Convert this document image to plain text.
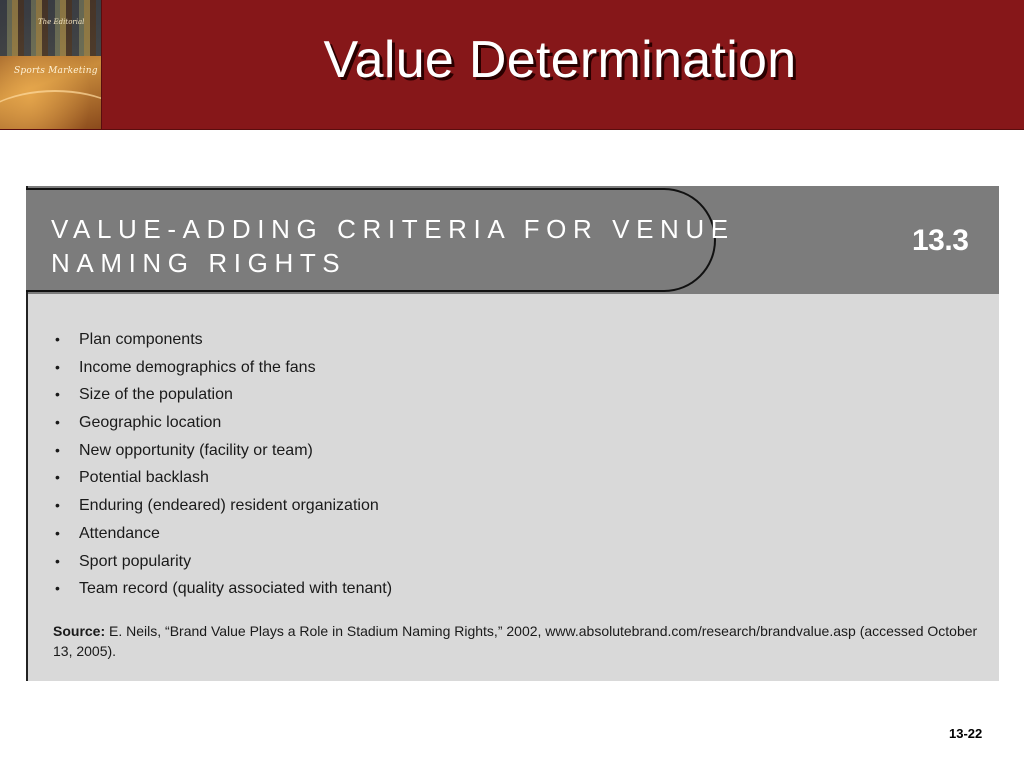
The Editorial
Sports Marketing	Value Determination
VALUE-ADDING CRITERIA FOR VENUE
NAMING RIGHTS
13.3
• Plan components
• Income demographics of the fans
• Size of the population
• Geographic location
• New opportunity (facility or team)
• Potential backlash
• Enduring (endeared) resident organization
• Attendance
• Sport popularity
• Team record (quality associated with tenant)
Source: E. Neils, “Brand Value Plays a Role in Stadium Naming Rights,” 2002, www.absolutebrand.com/research/brandvalue.asp (accessed October 13, 2005).
13-22
